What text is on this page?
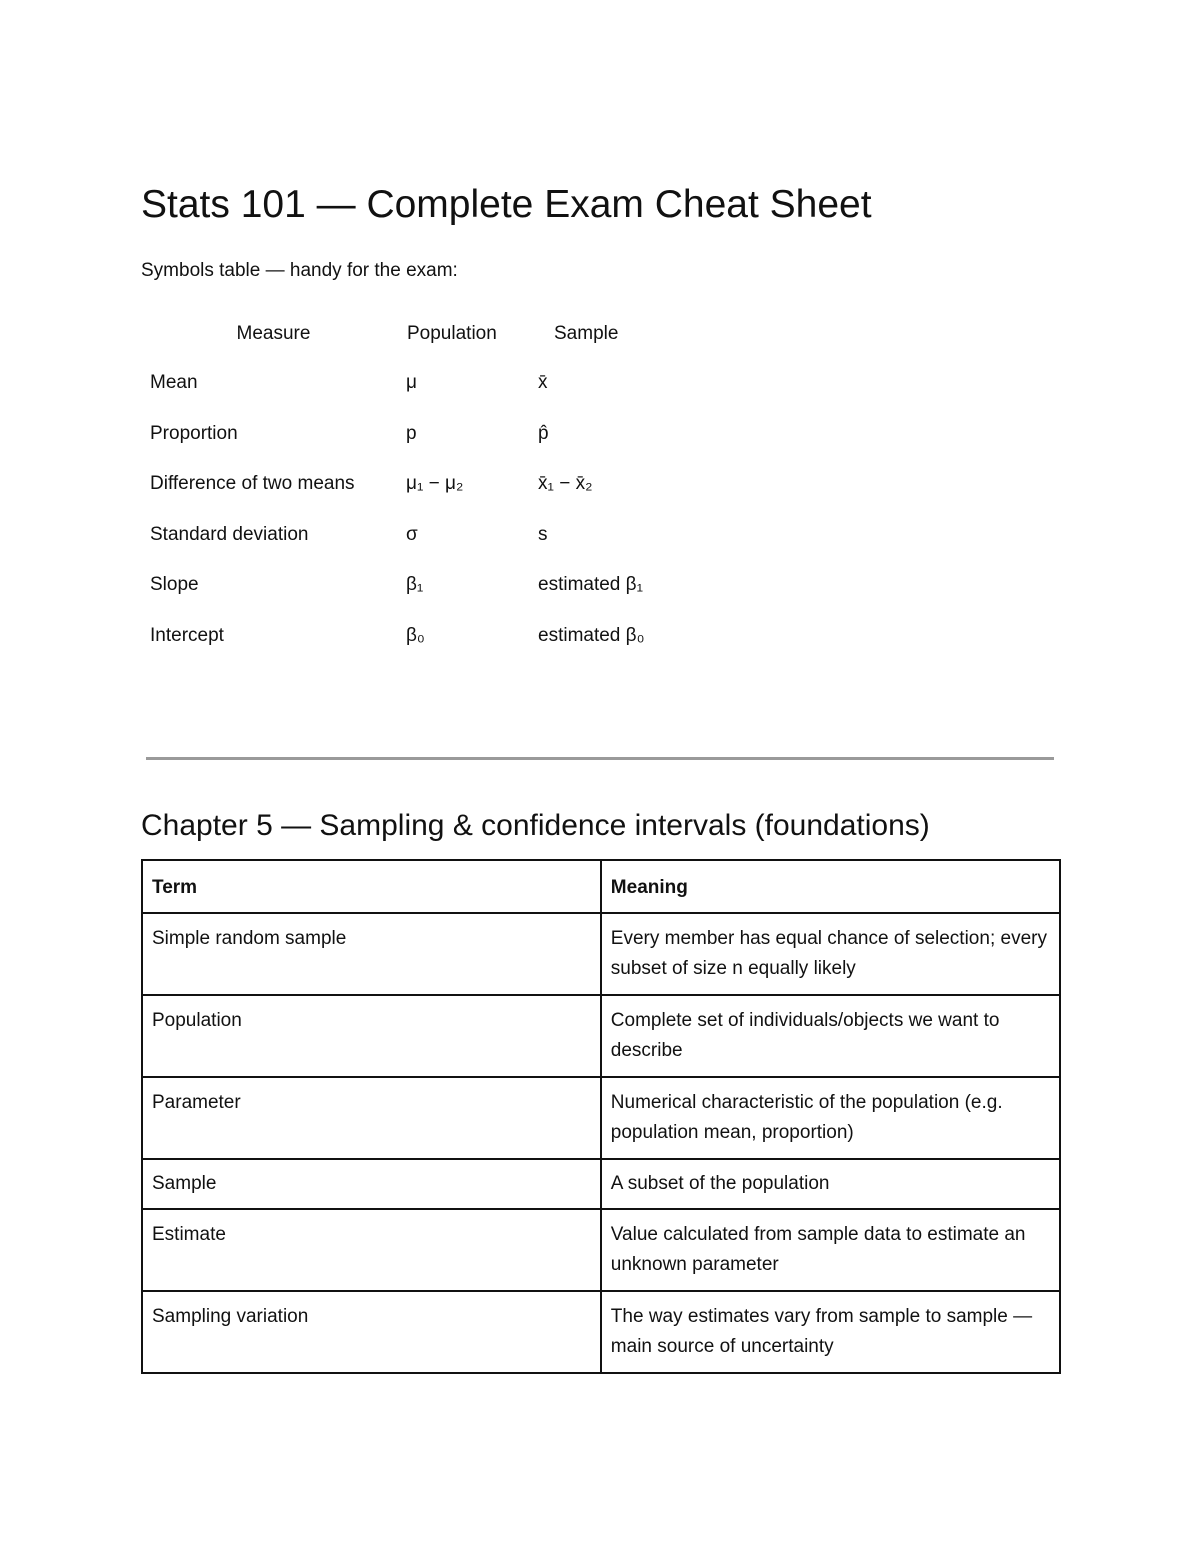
Stats 101 — Complete Exam Cheat Sheet
Symbols table — handy for the exam:
Measure	Population	Sample
Mean	μ	x̄
Proportion	p	p̂
Difference of two means	μ₁ − μ₂	x̄₁ − x̄₂
Standard deviation	σ	s
Slope	β₁	estimated β₁
Intercept	β₀	estimated β₀
Chapter 5 — Sampling & confidence intervals (foundations)
Term	Meaning
Simple random sample	Every member has equal chance of selection; every subset of size n equally likely
Population	Complete set of individuals/objects we want to describe
Parameter	Numerical characteristic of the population (e.g. population mean, proportion)
Sample	A subset of the population
Estimate	Value calculated from sample data to estimate an unknown parameter
Sampling variation	The way estimates vary from sample to sample — main source of uncertainty
